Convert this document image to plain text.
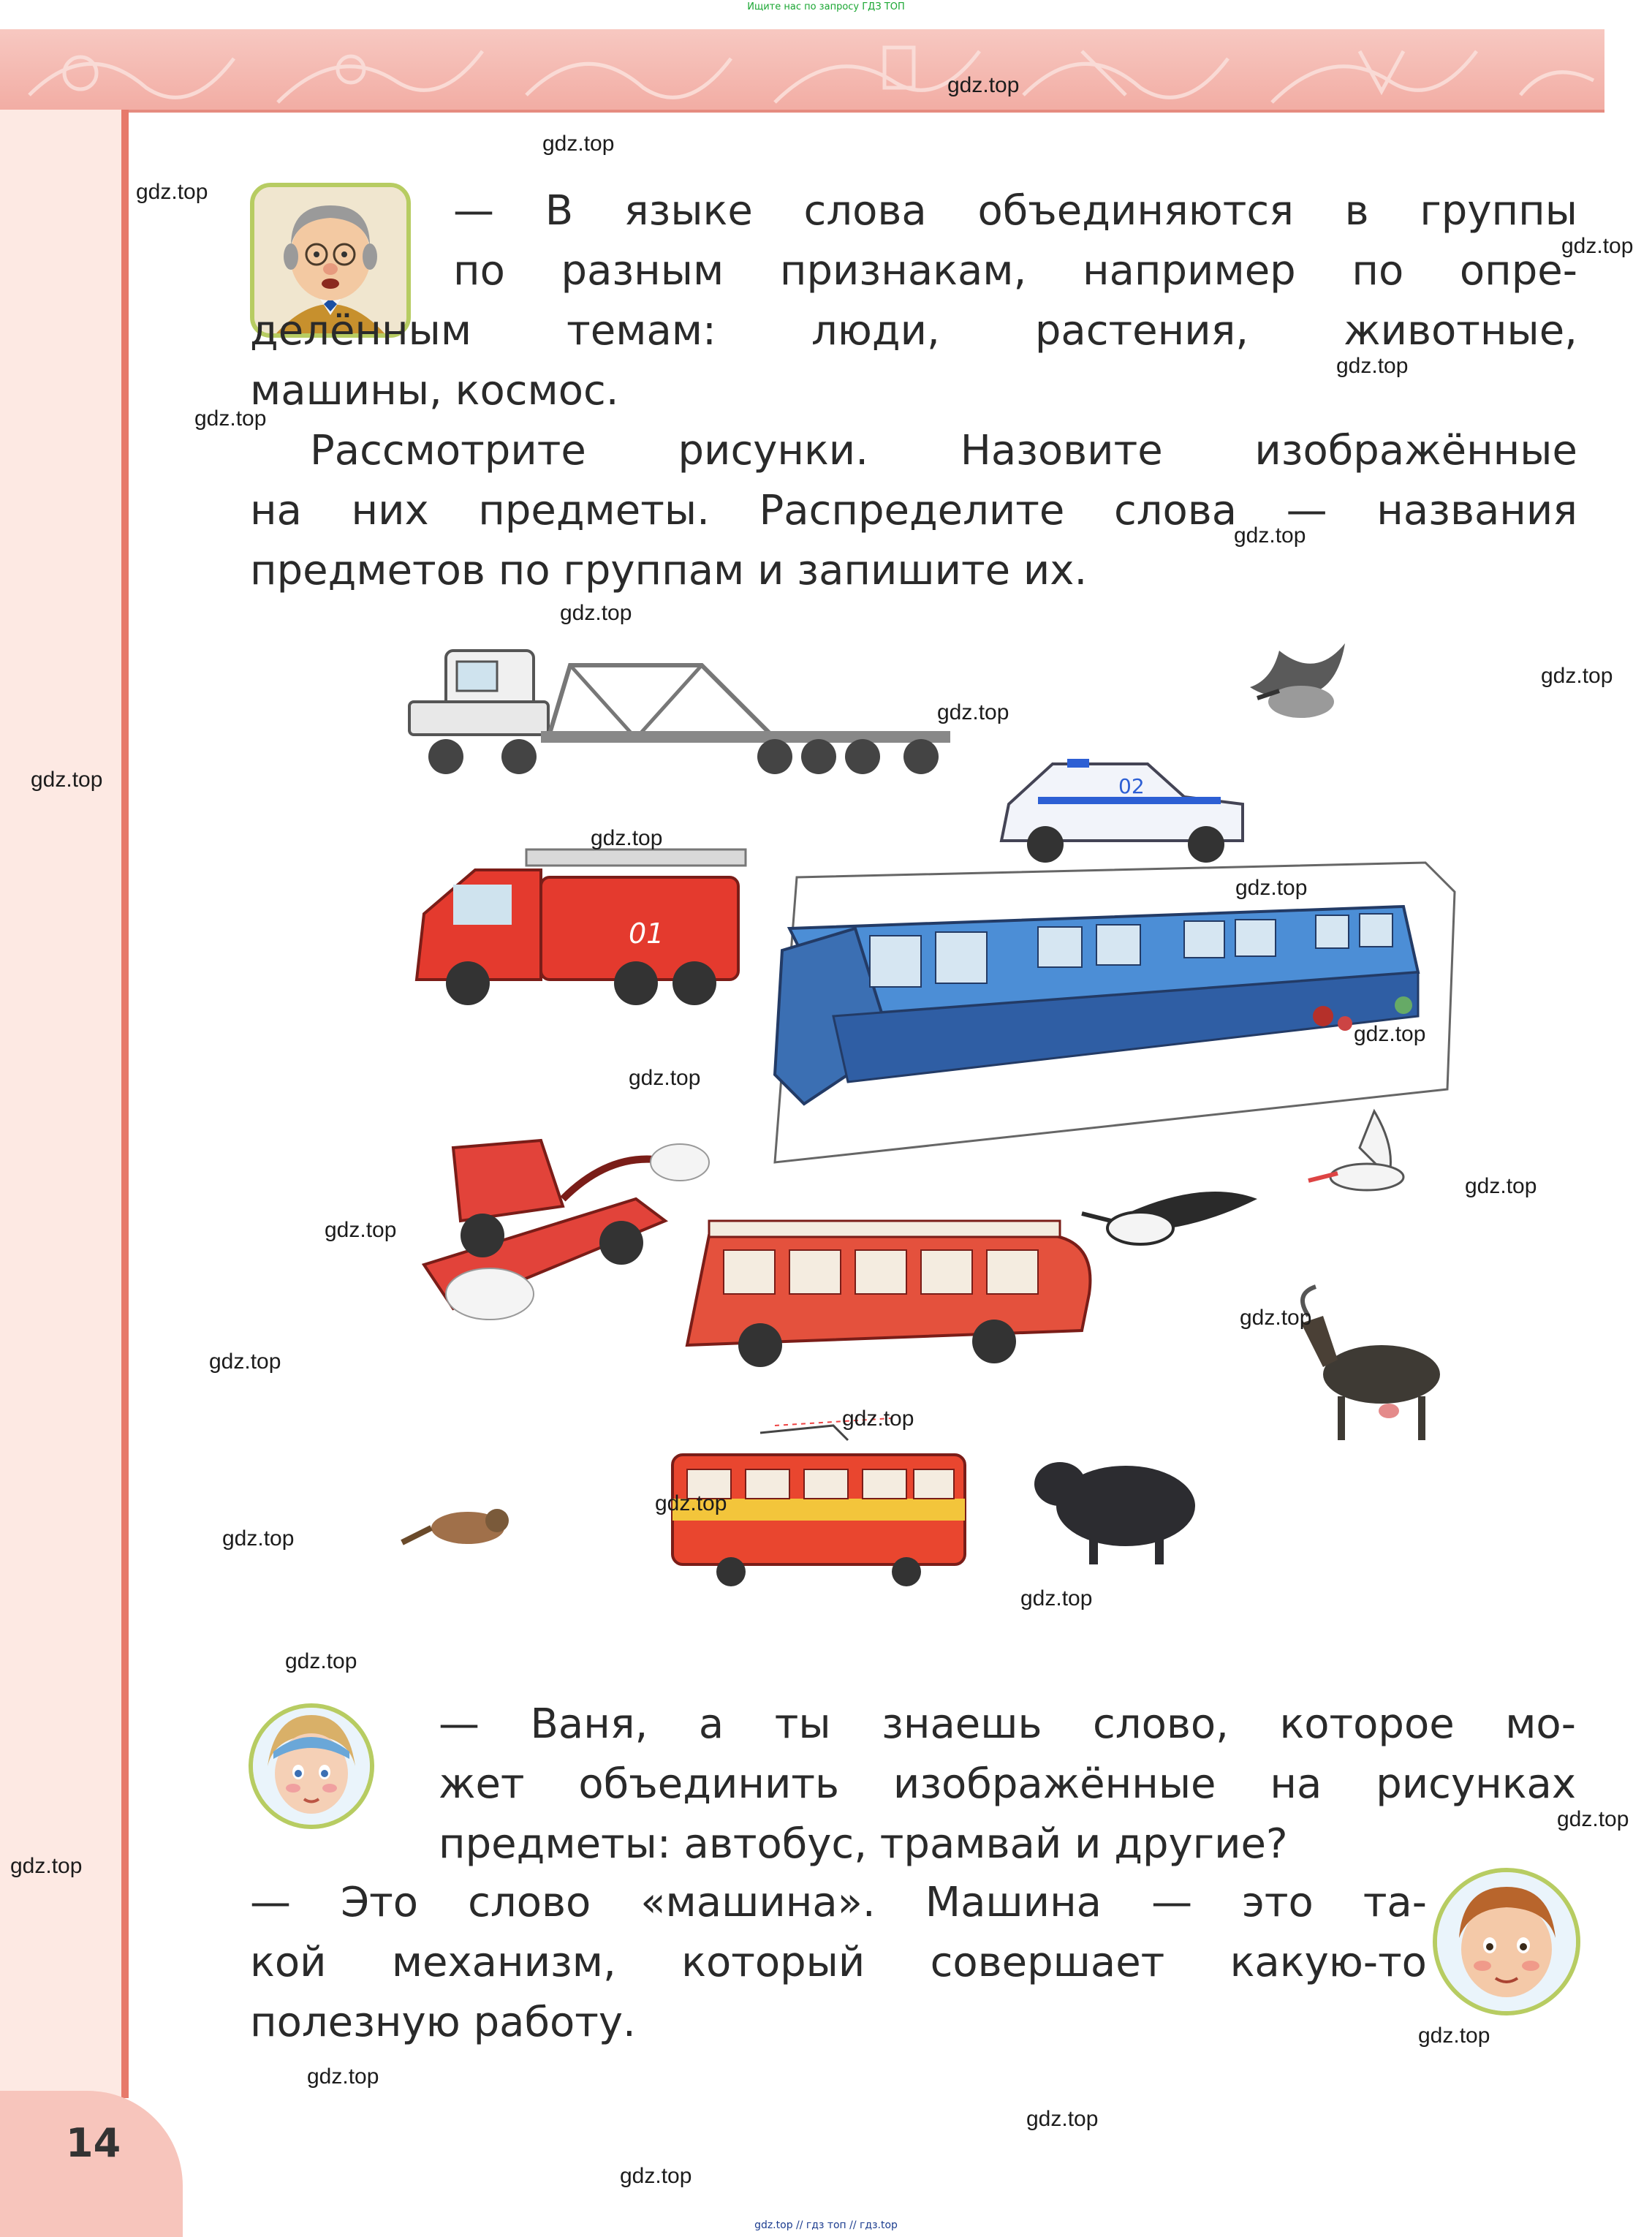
Ищите нас по запросу ГДЗ ТОП
14
— В языке слова объединяются в группы
по разным признакам, например по опре-
делённым темам: люди, растения, животные,
машины, космос.
Рассмотрите рисунки. Назовите изображённые
на них предметы. Распределите слова — названия
предметов по группам и запишите их.
02
01
— Ваня, а ты знаешь слово, которое мо-
жет объединить изображённые на рисунках
предметы: автобус, трамвай и другие?
— Это слово «машина». Машина — это та-
кой механизм, который совершает какую-то
полезную работу.
gdz.top
gdz.top
gdz.top
gdz.top
gdz.top
gdz.top
gdz.top
gdz.top
gdz.top
gdz.top
gdz.top
gdz.top
gdz.top
gdz.top
gdz.top
gdz.top
gdz.top
gdz.top
gdz.top
gdz.top
gdz.top
gdz.top
gdz.top
gdz.top
gdz.top
gdz.top
gdz.top
gdz.top
gdz.top
gdz.top
gdz.top // гдз топ // гдз.top
